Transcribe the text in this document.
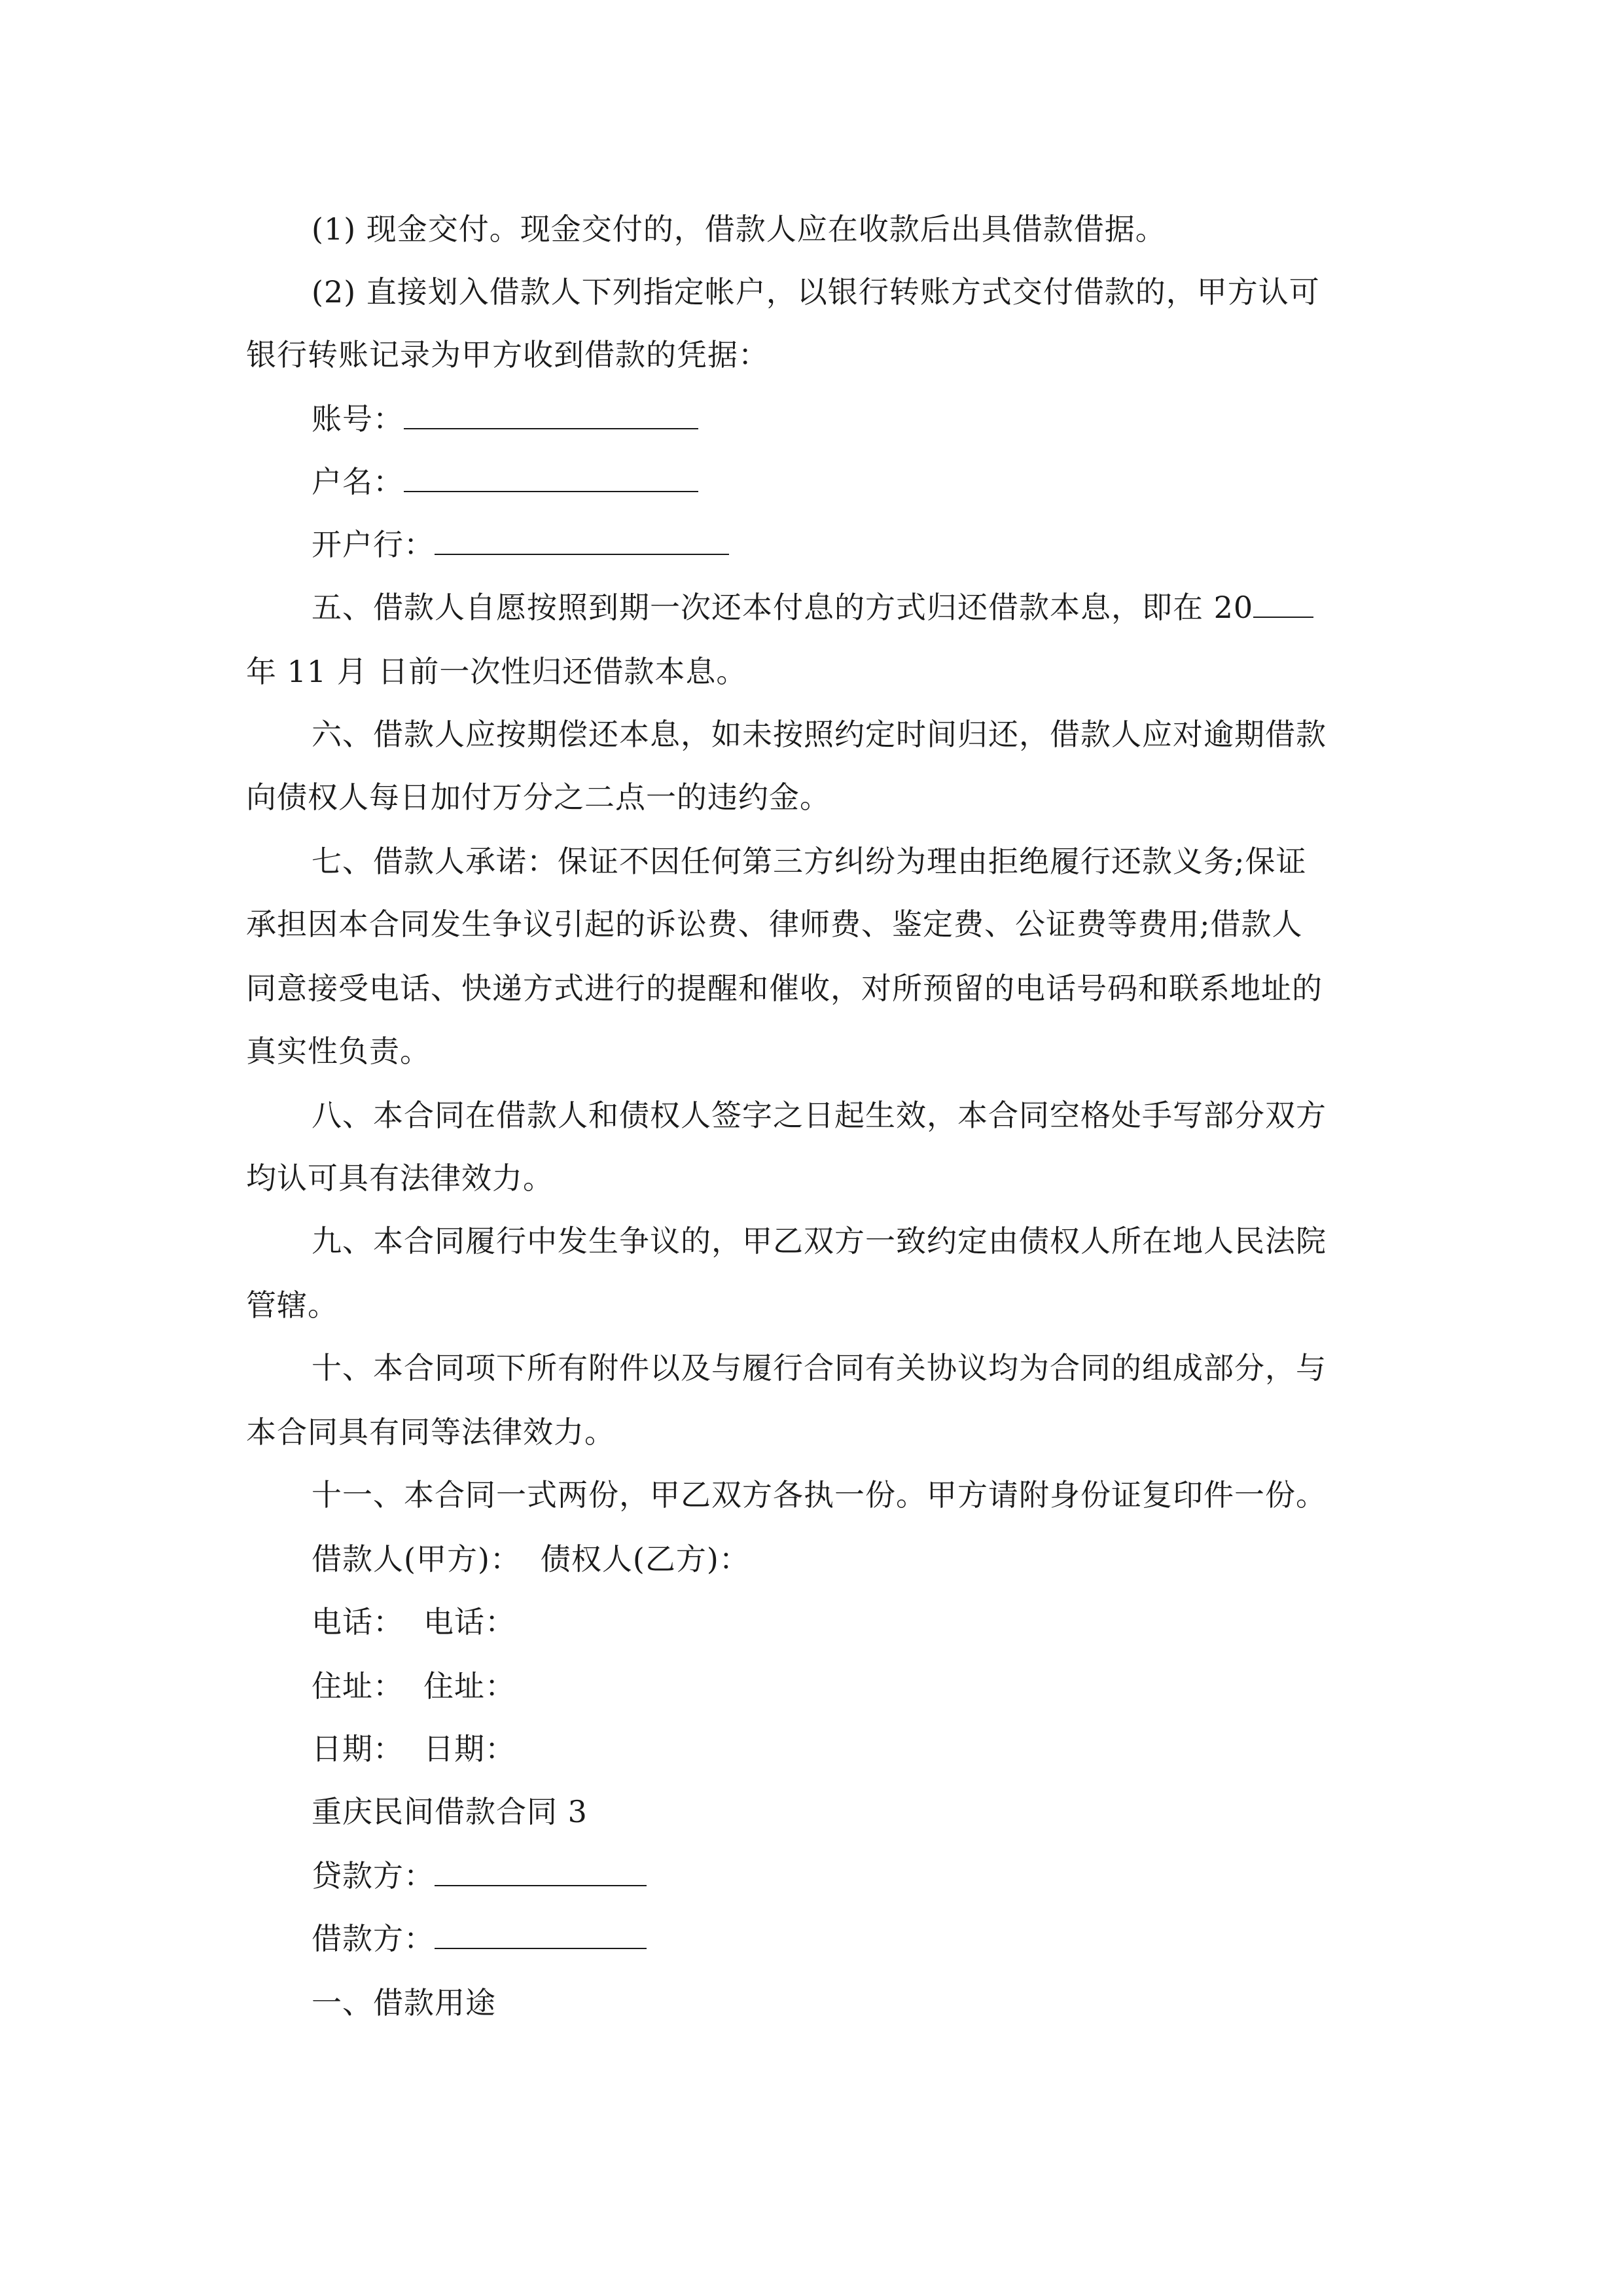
(1) 现金交付。现金交付的，借款人应在收款后出具借款借据。
(2) 直接划入借款人下列指定帐户，以银行转账方式交付借款的，甲方认可
银行转账记录为甲方收到借款的凭据：
账号：
户名：
开户行：
五、借款人自愿按照到期一次还本付息的方式归还借款本息，即在 20
年 11 月 日前一次性归还借款本息。
六、借款人应按期偿还本息，如未按照约定时间归还，借款人应对逾期借款
向债权人每日加付万分之二点一的违约金。
七、借款人承诺：保证不因任何第三方纠纷为理由拒绝履行还款义务;保证
承担因本合同发生争议引起的诉讼费、律师费、鉴定费、公证费等费用;借款人
同意接受电话、快递方式进行的提醒和催收，对所预留的电话号码和联系地址的
真实性负责。
八、本合同在借款人和债权人签字之日起生效，本合同空格处手写部分双方
均认可具有法律效力。
九、本合同履行中发生争议的，甲乙双方一致约定由债权人所在地人民法院
管辖。
十、本合同项下所有附件以及与履行合同有关协议均为合同的组成部分，与
本合同具有同等法律效力。
十一、本合同一式两份，甲乙双方各执一份。甲方请附身份证复印件一份。
借款人(甲方)： 债权人(乙方)：
电话： 电话：
住址： 住址：
日期： 日期：
重庆民间借款合同 3
贷款方：
借款方：
一、借款用途
